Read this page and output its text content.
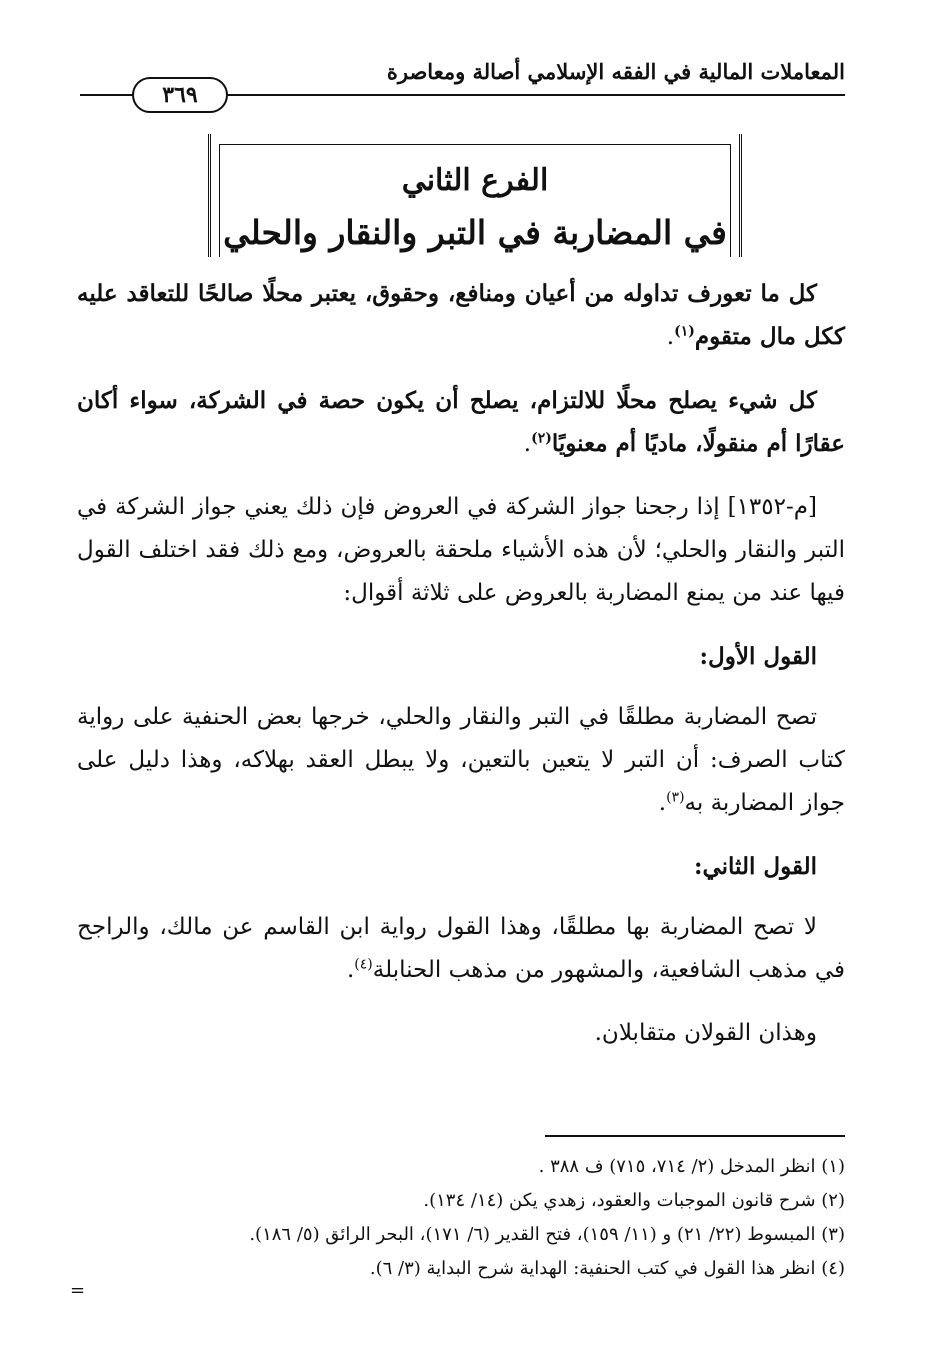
المعاملات المالية في الفقه الإسلامي أصالة ومعاصرة
٣٦٩
الفرع الثاني
في المضاربة في التبر والنقار والحلي

كل ما تعورف تداوله من أعيان ومنافع، وحقوق، يعتبر محلًا صالحًا للتعاقد عليه ككل مال متقوم$^{(١)}$.

كل شيء يصلح محلًا للالتزام، يصلح أن يكون حصة في الشركة، سواء أكان عقارًا أم منقولًا، ماديًا أم معنويًا$^{(٢)}$.

[م-١٣٥٢] إذا رجحنا جواز الشركة في العروض فإن ذلك يعني جواز الشركة في التبر والنقار والحلي؛ لأن هذه الأشياء ملحقة بالعروض، ومع ذلك فقد اختلف القول فيها عند من يمنع المضاربة بالعروض على ثلاثة أقوال:

القول الأول:

تصح المضاربة مطلقًا في التبر والنقار والحلي، خرجها بعض الحنفية على رواية كتاب الصرف: أن التبر لا يتعين بالتعين، ولا يبطل العقد بهلاكه، وهذا دليل على جواز المضاربة به$^{(٣)}$.

القول الثاني:

لا تصح المضاربة بها مطلقًا، وهذا القول رواية ابن القاسم عن مالك، والراجح في مذهب الشافعية، والمشهور من مذهب الحنابلة$^{(٤)}$.

وهذان القولان متقابلان.

(١) انظر المدخل (٢/ ٧١٤، ٧١٥) ف ٣٨٨ .

(٢) شرح قانون الموجبات والعقود، زهدي يكن (١٤/ ١٣٤).

(٣) المبسوط (٢٢/ ٢١) و (١١/ ١٥٩)، فتح القدير (٦/ ١٧١)، البحر الرائق (٥/ ١٨٦).

(٤) انظر هذا القول في كتب الحنفية: الهداية شرح البداية (٣/ ٦).

=
